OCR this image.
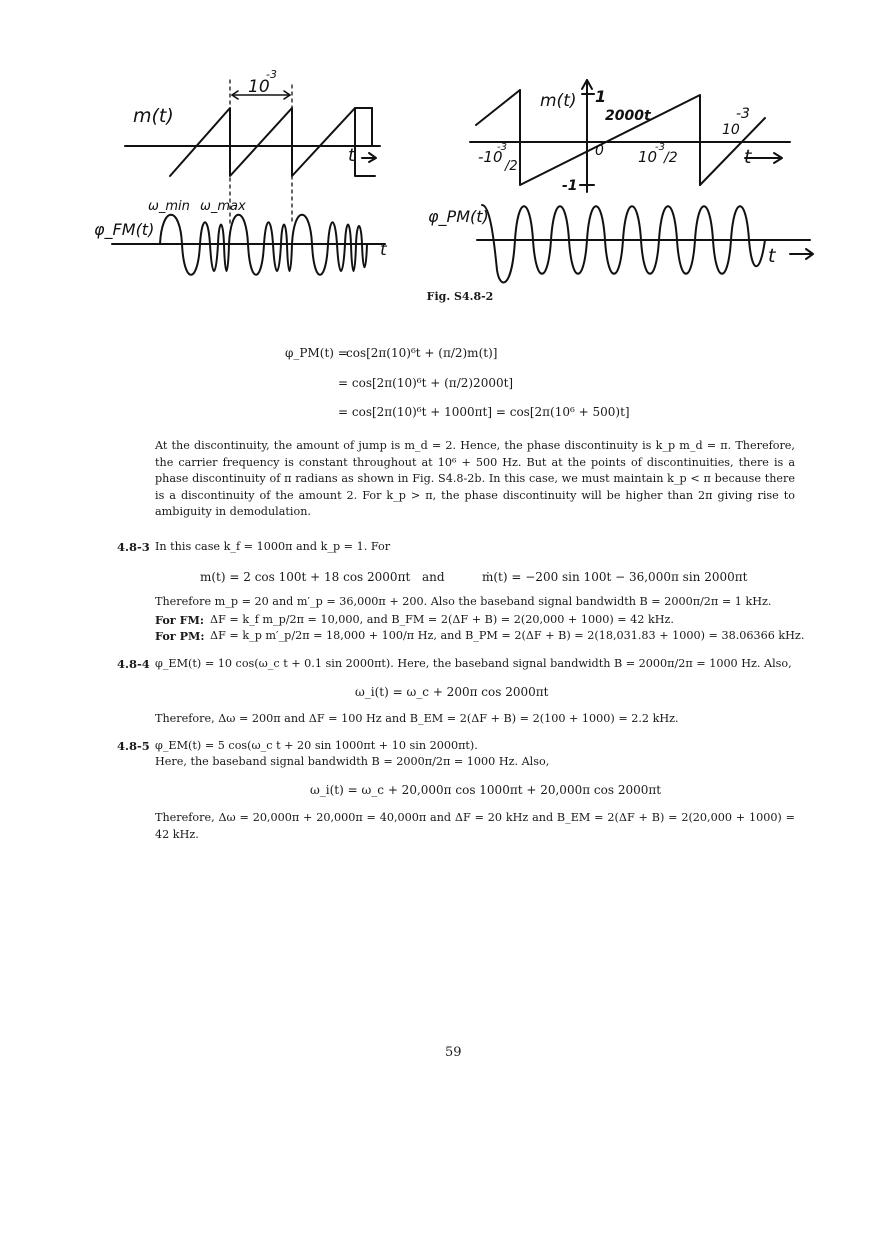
10
-3
m(t)
t
ω_min ω_max
φ_FM(t)
t
m(t) 1
2000t
-10
-3
/2
0 10
-3
/2
10
-3
t
-1
φ_PM(t)
t
Fig. S4.8-2
φ_PM(t) =
cos[2π(10)⁶t + (π/2)m(t)]
= cos[2π(10)⁶t + (π/2)2000t]
= cos[2π(10)⁶t + 1000πt] = cos[2π(10⁶ + 500)t]
At the discontinuity, the amount of jump is m_d = 2. Hence, the phase discontinuity is k_p m_d = π. Therefore, the carrier frequency is constant throughout at 10⁶ + 500 Hz. But at the points of discontinuities, there is a phase discontinuity of π radians as shown in Fig. S4.8-2b. In this case, we must maintain k_p < π because there is a discontinuity of the amount 2. For k_p > π, the phase discontinuity will be higher than 2π giving rise to ambiguity in demodulation.
4.8-3 In this case k_f = 1000π and k_p = 1. For
m(t) = 2 cos 100t + 18 cos 2000πt and	ṁ(t) = −200 sin 100t − 36,000π sin 2000πt
Therefore m_p = 20 and m′_p = 36,000π + 200. Also the baseband signal bandwidth B = 2000π/2π = 1 kHz.
For FM: ΔF = k_f m_p/2π = 10,000, and B_FM = 2(ΔF + B) = 2(20,000 + 1000) = 42 kHz.
For PM: ΔF = k_p m′_p/2π = 18,000 + 100/π Hz, and B_PM = 2(ΔF + B) = 2(18,031.83 + 1000) = 38.06366 kHz.
4.8-4 φ_EM(t) = 10 cos(ω_c t + 0.1 sin 2000πt). Here, the baseband signal bandwidth B = 2000π/2π = 1000 Hz. Also,
ω_i(t) = ω_c + 200π cos 2000πt
Therefore, Δω = 200π and ΔF = 100 Hz and B_EM = 2(ΔF + B) = 2(100 + 1000) = 2.2 kHz.
4.8-5 φ_EM(t) = 5 cos(ω_c t + 20 sin 1000πt + 10 sin 2000πt).
Here, the baseband signal bandwidth B = 2000π/2π = 1000 Hz. Also,
ω_i(t) = ω_c + 20,000π cos 1000πt + 20,000π cos 2000πt
Therefore, Δω = 20,000π + 20,000π = 40,000π and ΔF = 20 kHz and B_EM = 2(ΔF + B) = 2(20,000 + 1000) = 42 kHz.
59
